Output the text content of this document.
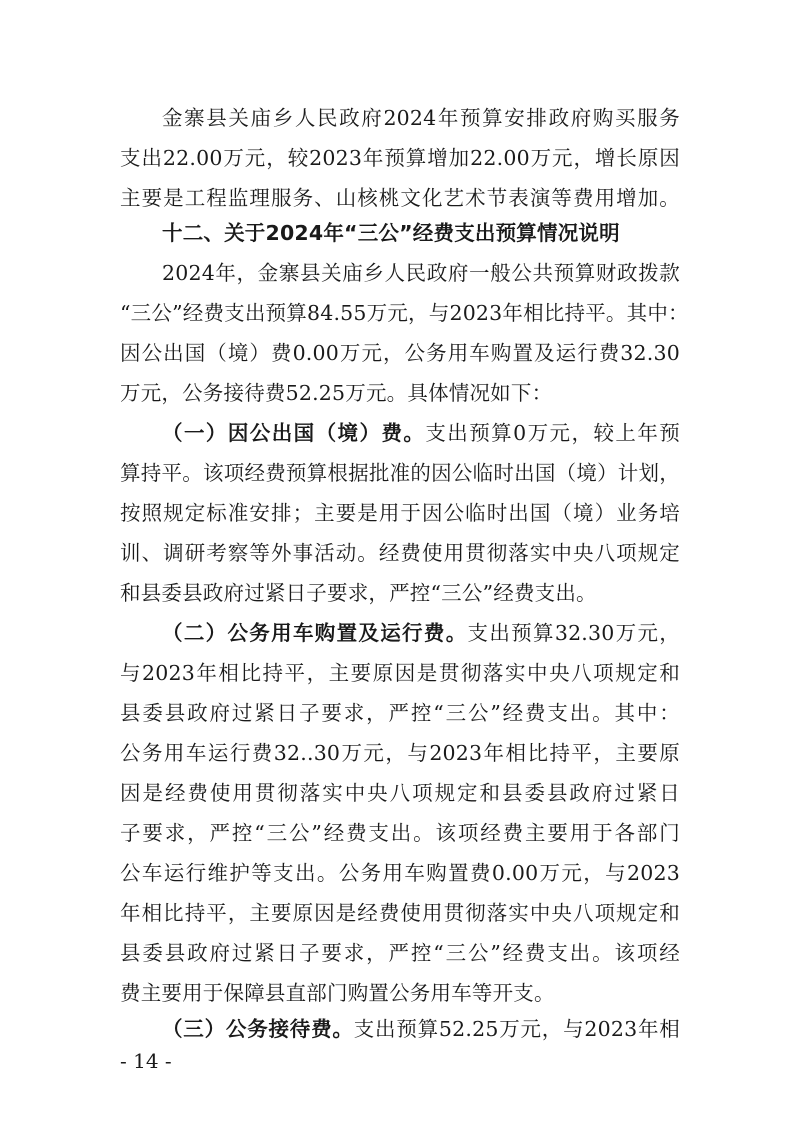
金寨县关庙乡人民政府2024年预算安排政府购买服务
支出22.00万元，较2023年预算增加22.00万元，增长原因
主要是工程监理服务、山核桃文化艺术节表演等费用增加。
十二、关于2024年“三公”经费支出预算情况说明
2024年，金寨县关庙乡人民政府一般公共预算财政拨款
“三公”经费支出预算84.55万元，与2023年相比持平。其中：
因公出国（境）费0.00万元，公务用车购置及运行费32.30
万元，公务接待费52.25万元。具体情况如下：
（一）因公出国（境）费。支出预算0万元，较上年预
算持平。该项经费预算根据批准的因公临时出国（境）计划，
按照规定标准安排；主要是用于因公临时出国（境）业务培
训、调研考察等外事活动。经费使用贯彻落实中央八项规定
和县委县政府过紧日子要求，严控“三公”经费支出。
（二）公务用车购置及运行费。支出预算32.30万元，
与2023年相比持平，主要原因是贯彻落实中央八项规定和
县委县政府过紧日子要求，严控“三公”经费支出。其中：
公务用车运行费32..30万元，与2023年相比持平，主要原
因是经费使用贯彻落实中央八项规定和县委县政府过紧日
子要求，严控“三公”经费支出。该项经费主要用于各部门
公车运行维护等支出。公务用车购置费0.00万元，与2023
年相比持平，主要原因是经费使用贯彻落实中央八项规定和
县委县政府过紧日子要求，严控“三公”经费支出。该项经
费主要用于保障县直部门购置公务用车等开支。
（三）公务接待费。支出预算52.25万元，与2023年相
- 14 -
